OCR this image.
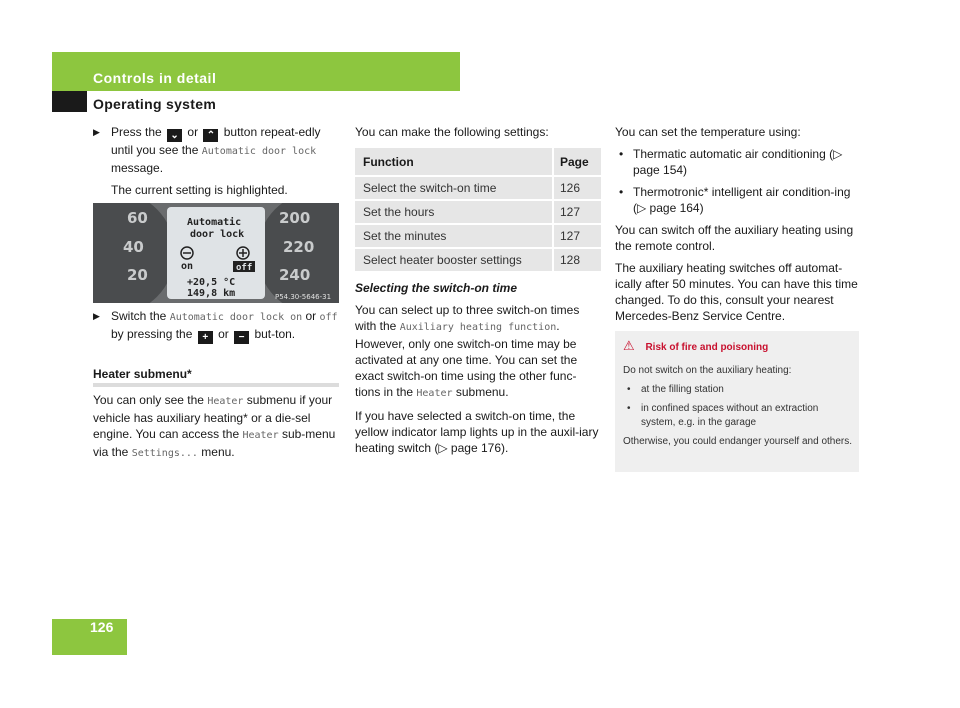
Controls in detail
Operating system

▶ Press the ⌄ or ⌃ button repeat-edly until you see the Automatic door lock message.

The current setting is highlighted.

60
40
20
200
220
240
Automatic
door lock
on
+20,5 °C
149,8 km
off
P54.30-5646-31

▶ Switch the Automatic door lock on or off by pressing the + or − but-ton.

Heater submenu*

You can only see the Heater submenu if your vehicle has auxiliary heating* or a die-sel engine. You can access the Heater sub-menu via the Settings... menu.

You can make the following settings:
Function	Page
Select the switch-on time	126
Set the hours	127
Set the minutes	127
Select heater booster settings	128

Selecting the switch-on time

You can select up to three switch-on times with the Auxiliary heating function. However, only one switch-on time may be activated at any one time. You can set the exact switch-on time using the other func-tions in the Heater submenu.

If you have selected a switch-on time, the yellow indicator lamp lights up in the auxil-iary heating switch (▷ page 176).

You can set the temperature using:

• Thermatic automatic air conditioning (▷ page 154)

• Thermotronic* intelligent air condition-ing (▷ page 164)

You can switch off the auxiliary heating using the remote control.

The auxiliary heating switches off automat-ically after 50 minutes. You can have this time changed. To do this, consult your nearest Mercedes-Benz Service Centre.

⚠ Risk of fire and poisoning

Do not switch on the auxiliary heating:

• at the filling station

• in confined spaces without an extraction system, e.g. in the garage

Otherwise, you could endanger yourself and others.

126
